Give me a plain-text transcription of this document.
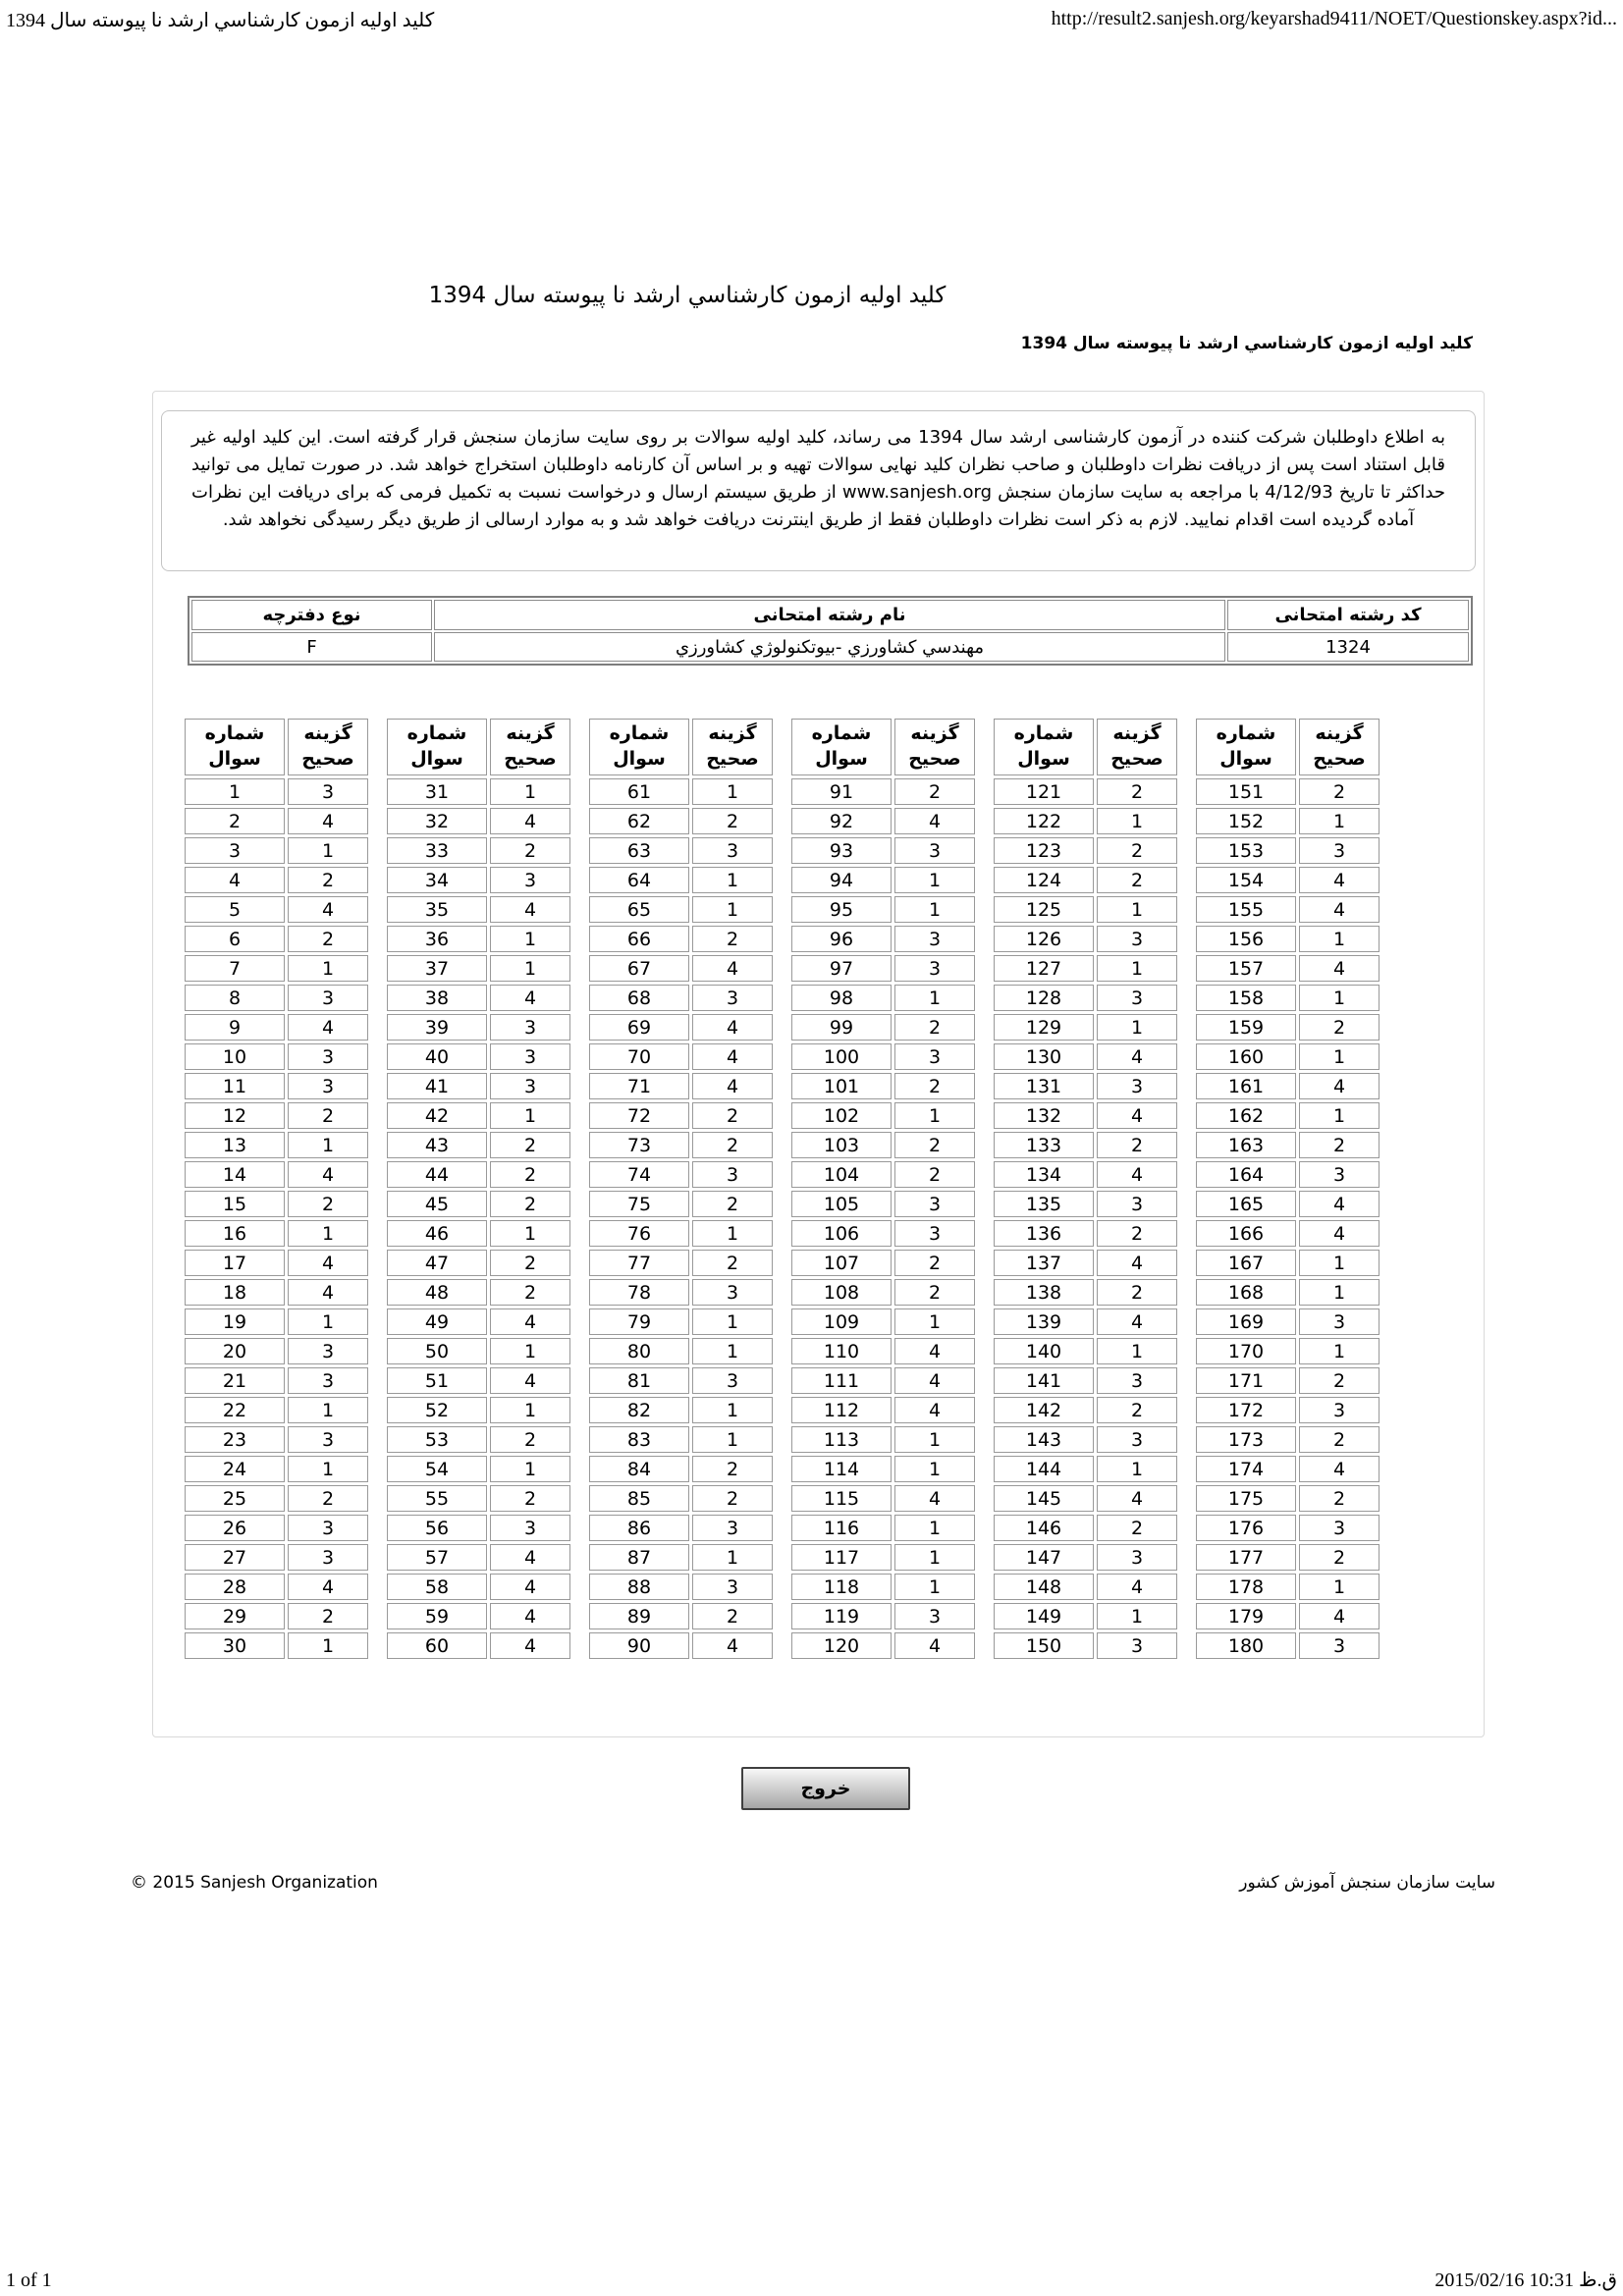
کلید اولیه ازمون کارشناسي ارشد نا پیوسته سال 1394	http://result2.sanjesh.org/keyarshad9411/NOET/Questionskey.aspx?id...
کلید اولیه ازمون کارشناسي ارشد نا پیوسته سال 1394
کلید اولیه ازمون کارشناسي ارشد نا پیوسته سال 1394

به اطلاع داوطلبان شرکت کننده در آزمون کارشناسی ارشد سال 1394 می رساند، کلید اولیه سوالات بر روی سایت سازمان سنجش قرار گرفته است. این کلید اولیه غیر قابل استناد است پس از دریافت نظرات داوطلبان و صاحب نظران کلید نهایی سوالات تهیه و بر اساس آن کارنامه داوطلبان استخراج خواهد شد. در صورت تمایل می توانید حداکثر تا تاریخ 4/12/93 با مراجعه به سایت سازمان سنجش www.sanjesh.org از طریق سیستم ارسال و درخواست نسبت به تکمیل فرمی که برای دریافت این نظرات آماده گردیده است اقدام نمایید. لازم به ذکر است نظرات داوطلبان فقط از طریق اینترنت دریافت خواهد شد و به موارد ارسالی از طریق دیگر رسیدگی نخواهد شد.

نوع دفترچه	نام رشته امتحانی	کد رشته امتحانی
F	مهندسي کشاورزي -بیوتکنولوژي کشاورزي	1324
شماره سوال	گزینه صحیح
1	3
2	4
3	1
4	2
5	4
6	2
7	1
8	3
9	4
10	3
11	3
12	2
13	1
14	4
15	2
16	1
17	4
18	4
19	1
20	3
21	3
22	1
23	3
24	1
25	2
26	3
27	3
28	4
29	2
30	1
شماره سوال	گزینه صحیح
31	1
32	4
33	2
34	3
35	4
36	1
37	1
38	4
39	3
40	3
41	3
42	1
43	2
44	2
45	2
46	1
47	2
48	2
49	4
50	1
51	4
52	1
53	2
54	1
55	2
56	3
57	4
58	4
59	4
60	4
شماره سوال	گزینه صحیح
61	1
62	2
63	3
64	1
65	1
66	2
67	4
68	3
69	4
70	4
71	4
72	2
73	2
74	3
75	2
76	1
77	2
78	3
79	1
80	1
81	3
82	1
83	1
84	2
85	2
86	3
87	1
88	3
89	2
90	4
شماره سوال	گزینه صحیح
91	2
92	4
93	3
94	1
95	1
96	3
97	3
98	1
99	2
100	3
101	2
102	1
103	2
104	2
105	3
106	3
107	2
108	2
109	1
110	4
111	4
112	4
113	1
114	1
115	4
116	1
117	1
118	1
119	3
120	4
شماره سوال	گزینه صحیح
121	2
122	1
123	2
124	2
125	1
126	3
127	1
128	3
129	1
130	4
131	3
132	4
133	2
134	4
135	3
136	2
137	4
138	2
139	4
140	1
141	3
142	2
143	3
144	1
145	4
146	2
147	3
148	4
149	1
150	3
شماره سوال	گزینه صحیح
151	2
152	1
153	3
154	4
155	4
156	1
157	4
158	1
159	2
160	1
161	4
162	1
163	2
164	3
165	4
166	4
167	1
168	1
169	3
170	1
171	2
172	3
173	2
174	4
175	2
176	3
177	2
178	1
179	4
180	3
خروج
© 2015 Sanjesh Organization	سایت سازمان سنجش آموزش کشور
1 of 1	2015/02/16 10:31 ق.ظ
